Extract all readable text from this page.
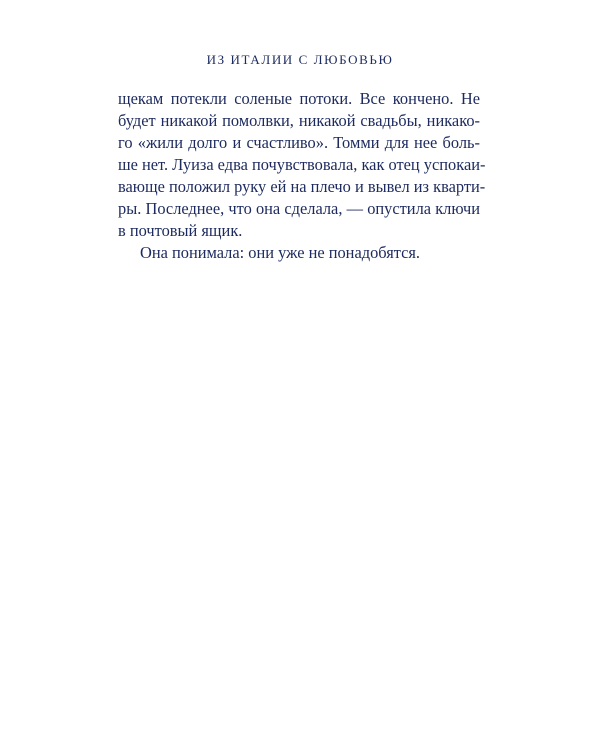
ИЗ ИТАЛИИ С ЛЮБОВЬЮ
щекам потекли соленые потоки. Все кончено. Не
будет никакой помолвки, никакой свадьбы, никако-
го «жили долго и счастливо». Томми для нее боль-
ше нет. Луиза едва почувствовала, как отец успокаи-
вающе положил руку ей на плечо и вывел из кварти-
ры. Последнее, что она сделала, — опустила ключи
в почтовый ящик.
Она понимала: они уже не понадобятся.
